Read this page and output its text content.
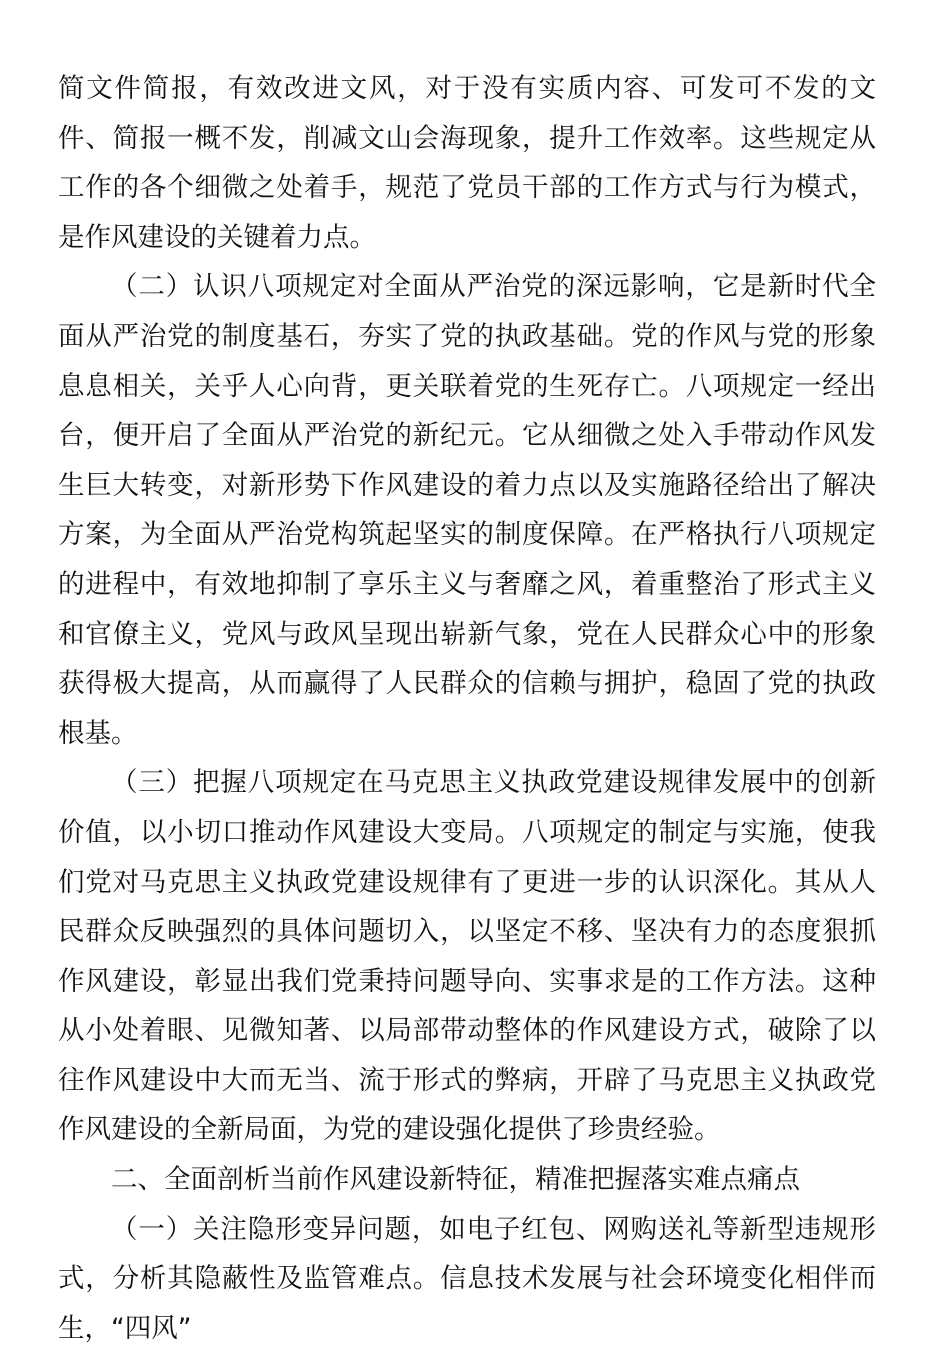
简文件简报，有效改进文风，对于没有实质内容、可发可不发的文件、简报一概不发，削减文山会海现象，提升工作效率。这些规定从工作的各个细微之处着手，规范了党员干部的工作方式与行为模式，是作风建设的关键着力点。

（二）认识八项规定对全面从严治党的深远影响，它是新时代全面从严治党的制度基石，夯实了党的执政基础。党的作风与党的形象息息相关，关乎人心向背，更关联着党的生死存亡。八项规定一经出台，便开启了全面从严治党的新纪元。它从细微之处入手带动作风发生巨大转变，对新形势下作风建设的着力点以及实施路径给出了解决方案，为全面从严治党构筑起坚实的制度保障。在严格执行八项规定的进程中，有效地抑制了享乐主义与奢靡之风，着重整治了形式主义和官僚主义，党风与政风呈现出崭新气象，党在人民群众心中的形象获得极大提高，从而赢得了人民群众的信赖与拥护，稳固了党的执政根基。

（三）把握八项规定在马克思主义执政党建设规律发展中的创新价值，以小切口推动作风建设大变局。八项规定的制定与实施，使我们党对马克思主义执政党建设规律有了更进一步的认识深化。其从人民群众反映强烈的具体问题切入，以坚定不移、坚决有力的态度狠抓作风建设，彰显出我们党秉持问题导向、实事求是的工作方法。这种从小处着眼、见微知著、以局部带动整体的作风建设方式，破除了以往作风建设中大而无当、流于形式的弊病，开辟了马克思主义执政党作风建设的全新局面，为党的建设强化提供了珍贵经验。

二、全面剖析当前作风建设新特征，精准把握落实难点痛点

（一）关注隐形变异问题，如电子红包、网购送礼等新型违规形式，分析其隐蔽性及监管难点。信息技术发展与社会环境变化相伴而生，“四风”
